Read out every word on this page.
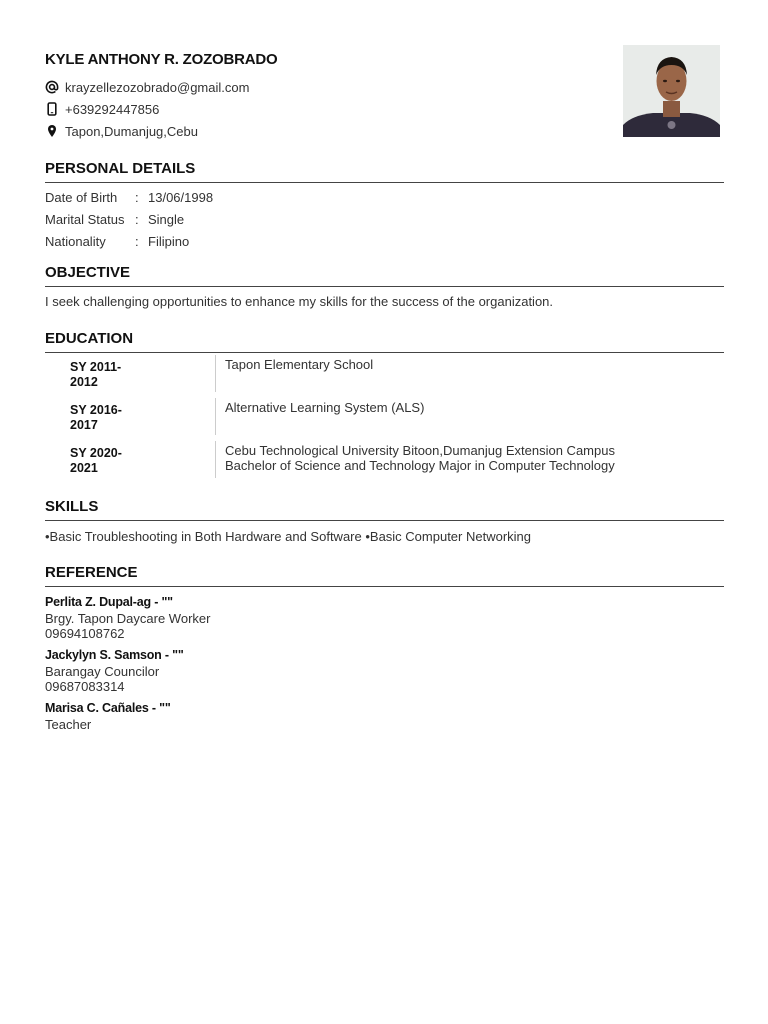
KYLE ANTHONY R. ZOZOBRADO
krayzellezozobrado@gmail.com
+639292447856
Tapon,Dumanjug,Cebu
PERSONAL DETAILS
Date of Birth	: 13/06/1998
Marital Status : Single
Nationality	: Filipino
OBJECTIVE
I seek challenging opportunities to enhance my skills for the success of the organization.
EDUCATION
SY 2011-
2012
Tapon Elementary School
SY 2016-
2017
Alternative Learning System (ALS)
SY 2020-
2021
Cebu Technological University Bitoon,Dumanjug Extension Campus
Bachelor of Science and Technology Major in Computer Technology
SKILLS
•Basic Troubleshooting in Both Hardware and Software •Basic Computer Networking
REFERENCE
Perlita Z. Dupal-ag - ""
Brgy. Tapon Daycare Worker
09694108762
Jackylyn S. Samson - ""
Barangay Councilor
09687083314
Marisa C. Cañales - ""
Teacher
